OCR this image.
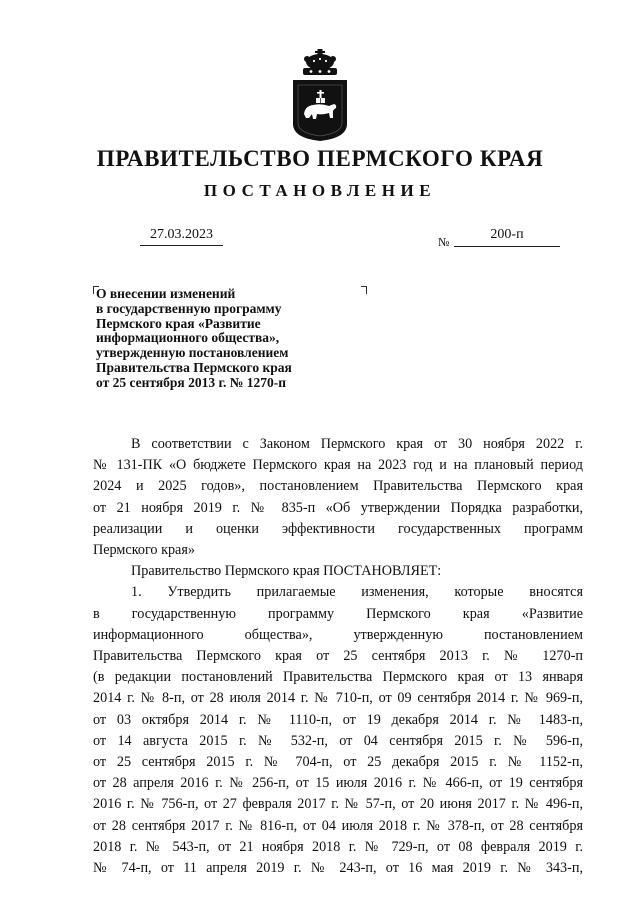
ПРАВИТЕЛЬСТВО ПЕРМСКОГО КРАЯ
ПОСТАНОВЛЕНИЕ
27.03.2023	№	200-п
О внесении изменений
в государственную программу
Пермского края «Развитие
информационного общества»,
утвержденную постановлением
Правительства Пермского края
от 25 сентября 2013 г. № 1270-п
В соответствии с Законом Пермского края от 30 ноября 2022 г.
№ 131-ПК «О бюджете Пермского края на 2023 год и на плановый период
2024 и 2025 годов», постановлением Правительства Пермского края
от 21 ноября 2019 г. № 835-п «Об утверждении Порядка разработки,
реализации и оценки эффективности государственных программ
Пермского края»
Правительство Пермского края ПОСТАНОВЛЯЕТ:
1. Утвердить прилагаемые изменения, которые вносятся
в государственную программу Пермского края «Развитие
информационного общества», утвержденную постановлением
Правительства Пермского края от 25 сентября 2013 г. № 1270-п
(в редакции постановлений Правительства Пермского края от 13 января
2014 г. № 8-п, от 28 июля 2014 г. № 710-п, от 09 сентября 2014 г. № 969-п,
от 03 октября 2014 г. № 1110-п, от 19 декабря 2014 г. № 1483-п,
от 14 августа 2015 г. № 532-п, от 04 сентября 2015 г. № 596-п,
от 25 сентября 2015 г. № 704-п, от 25 декабря 2015 г. № 1152-п,
от 28 апреля 2016 г. № 256-п, от 15 июля 2016 г. № 466-п, от 19 сентября
2016 г. № 756-п, от 27 февраля 2017 г. № 57-п, от 20 июня 2017 г. № 496-п,
от 28 сентября 2017 г. № 816-п, от 04 июля 2018 г. № 378-п, от 28 сентября
2018 г. № 543-п, от 21 ноября 2018 г. № 729-п, от 08 февраля 2019 г.
№ 74-п, от 11 апреля 2019 г. № 243-п, от 16 мая 2019 г. № 343-п,
